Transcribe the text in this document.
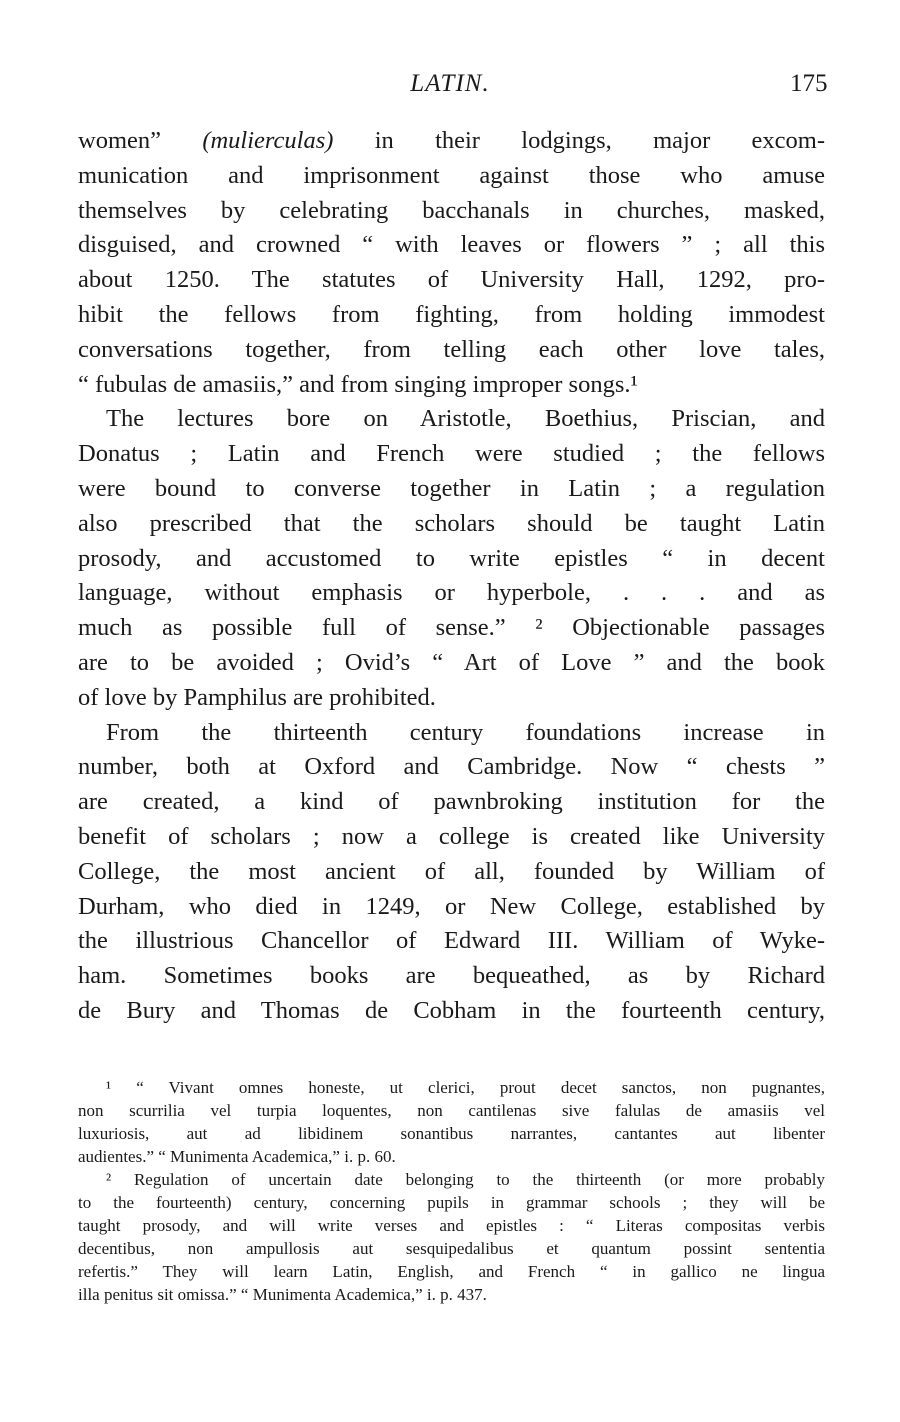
LATIN.	175
women” (mulierculas) in their lodgings, major excom-
munication and imprisonment against those who amuse
themselves by celebrating bacchanals in churches, masked,
disguised, and crowned “ with leaves or flowers ” ; all this
about 1250. The statutes of University Hall, 1292, pro-
hibit the fellows from fighting, from holding immodest
conversations together, from telling each other love tales,
“ fubulas de amasiis,” and from singing improper songs.¹
The lectures bore on Aristotle, Boethius, Priscian, and
Donatus ; Latin and French were studied ; the fellows
were bound to converse together in Latin ; a regulation
also prescribed that the scholars should be taught Latin
prosody, and accustomed to write epistles “ in decent
language, without emphasis or hyperbole, . . . and as
much as possible full of sense.” ² Objectionable passages
are to be avoided ; Ovid’s “ Art of Love ” and the book
of love by Pamphilus are prohibited.
From the thirteenth century foundations increase in
number, both at Oxford and Cambridge. Now “ chests ”
are created, a kind of pawnbroking institution for the
benefit of scholars ; now a college is created like University
College, the most ancient of all, founded by William of
Durham, who died in 1249, or New College, established by
the illustrious Chancellor of Edward III. William of Wyke-
ham. Sometimes books are bequeathed, as by Richard
de Bury and Thomas de Cobham in the fourteenth century,
¹ “ Vivant omnes honeste, ut clerici, prout decet sanctos, non pugnantes,
non scurrilia vel turpia loquentes, non cantilenas sive falulas de amasiis vel
luxuriosis, aut ad libidinem sonantibus narrantes, cantantes aut libenter
audientes.” “ Munimenta Academica,” i. p. 60.
² Regulation of uncertain date belonging to the thirteenth (or more probably
to the fourteenth) century, concerning pupils in grammar schools ; they will be
taught prosody, and will write verses and epistles : “ Literas compositas verbis
decentibus, non ampullosis aut sesquipedalibus et quantum possint sententia
refertis.” They will learn Latin, English, and French “ in gallico ne lingua
illa penitus sit omissa.” “ Munimenta Academica,” i. p. 437.
